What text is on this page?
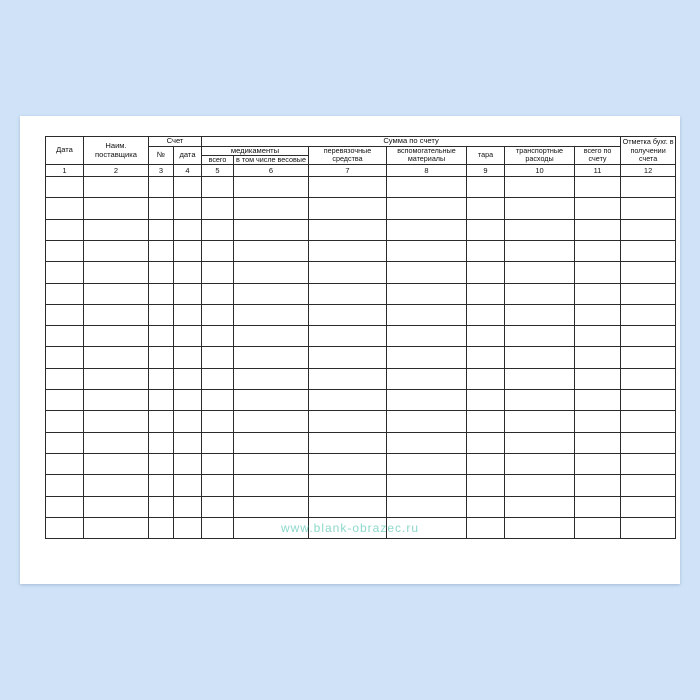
Дата	Наим. поставщика	Счет		Сумма по счету							Отметка бухг. в получении счета
		№	дата	медикаменты		перевязочные средства	вспомогательные материалы	тара	транспортные расходы	всего по счету	
				всего	в том числе весовые						
1	2	3	4	5	6	7	8	9	10	11	12

www.blank-obrazec.ru
